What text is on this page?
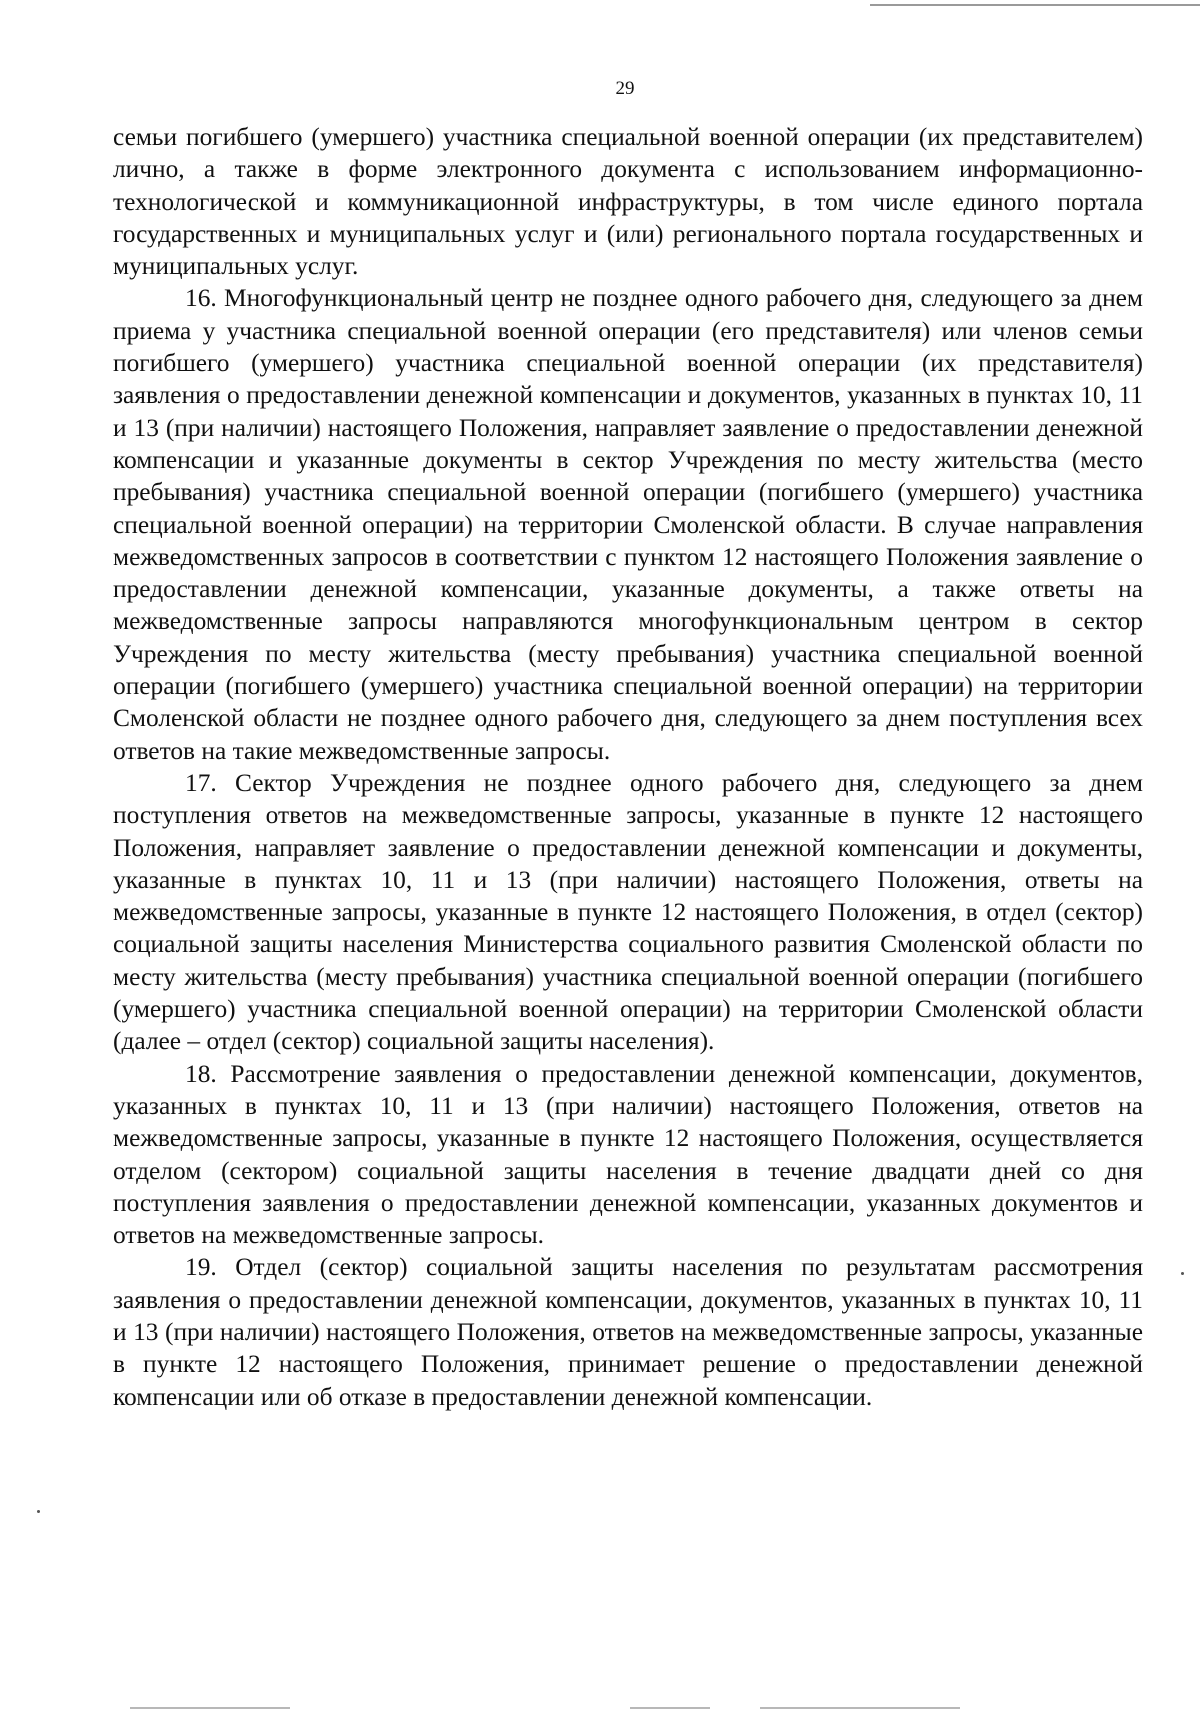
29

семьи погибшего (умершего) участника специальной военной операции (их представителем) лично, а также в форме электронного документа с использованием информационно-технологической и коммуникационной инфраструктуры, в том числе единого портала государственных и муниципальных услуг и (или) регионального портала государственных и муниципальных услуг.

16. Многофункциональный центр не позднее одного рабочего дня, следующего за днем приема у участника специальной военной операции (его представителя) или членов семьи погибшего (умершего) участника специальной военной операции (их представителя) заявления о предоставлении денежной компенсации и документов, указанных в пунктах 10, 11 и 13 (при наличии) настоящего Положения, направляет заявление о предоставлении денежной компенсации и указанные документы в сектор Учреждения по месту жительства (место пребывания) участника специальной военной операции (погибшего (умершего) участника специальной военной операции) на территории Смоленской области. В случае направления межведомственных запросов в соответствии с пунктом 12 настоящего Положения заявление о предоставлении денежной компенсации, указанные документы, а также ответы на межведомственные запросы направляются многофункциональным центром в сектор Учреждения по месту жительства (месту пребывания) участника специальной военной операции (погибшего (умершего) участника специальной военной операции) на территории Смоленской области не позднее одного рабочего дня, следующего за днем поступления всех ответов на такие межведомственные запросы.

17. Сектор Учреждения не позднее одного рабочего дня, следующего за днем поступления ответов на межведомственные запросы, указанные в пункте 12 настоящего Положения, направляет заявление о предоставлении денежной компенсации и документы, указанные в пунктах 10, 11 и 13 (при наличии) настоящего Положения, ответы на межведомственные запросы, указанные в пункте 12 настоящего Положения, в отдел (сектор) социальной защиты населения Министерства социального развития Смоленской области по месту жительства (месту пребывания) участника специальной военной операции (погибшего (умершего) участника специальной военной операции) на территории Смоленской области (далее – отдел (сектор) социальной защиты населения).

18. Рассмотрение заявления о предоставлении денежной компенсации, документов, указанных в пунктах 10, 11 и 13 (при наличии) настоящего Положения, ответов на межведомственные запросы, указанные в пункте 12 настоящего Положения, осуществляется отделом (сектором) социальной защиты населения в течение двадцати дней со дня поступления заявления о предоставлении денежной компенсации, указанных документов и ответов на межведомственные запросы.

19. Отдел (сектор) социальной защиты населения по результатам рассмотрения заявления о предоставлении денежной компенсации, документов, указанных в пунктах 10, 11 и 13 (при наличии) настоящего Положения, ответов на межведомственные запросы, указанные в пункте 12 настоящего Положения, принимает решение о предоставлении денежной компенсации или об отказе в предоставлении денежной компенсации.
